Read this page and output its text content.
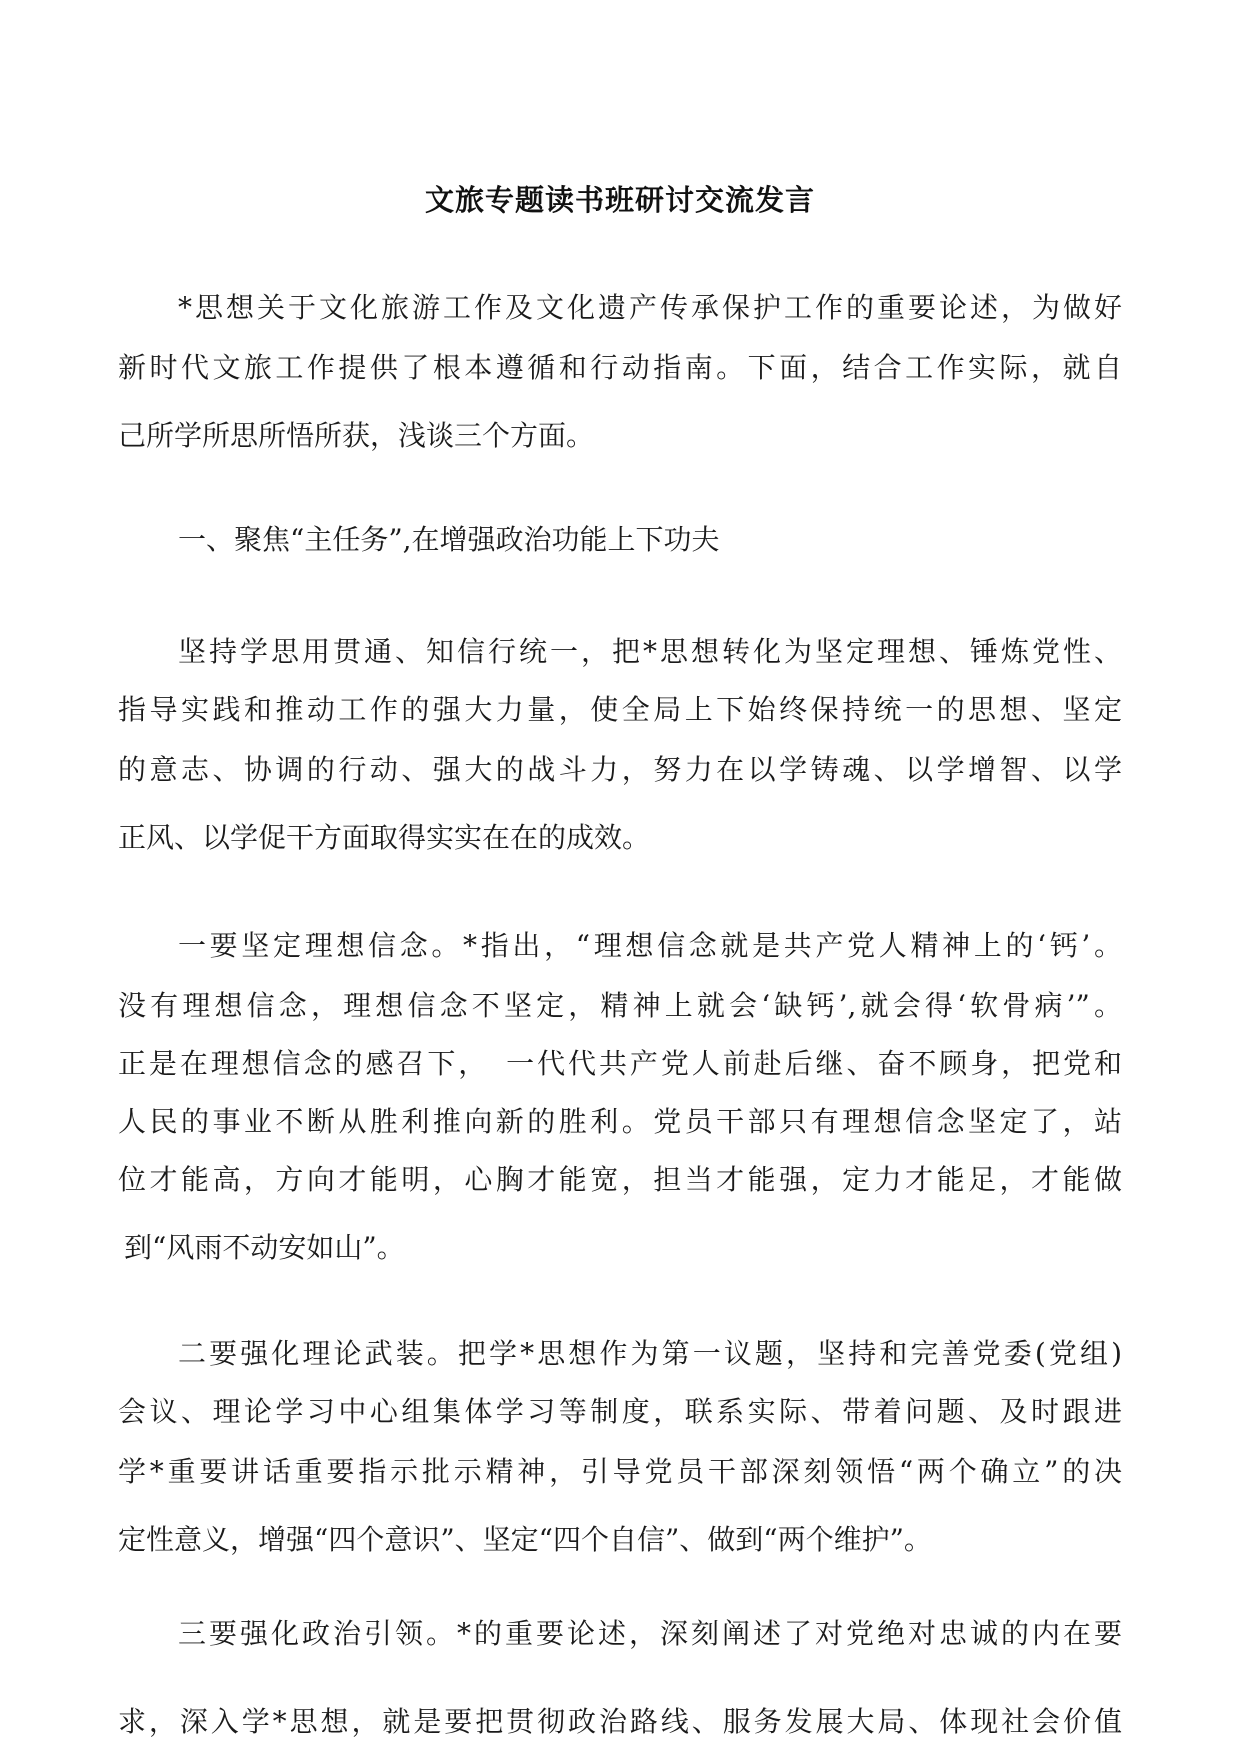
文旅专题读书班研讨交流发言
*思想关于文化旅游工作及文化遗产传承保护工作的重要论述，为做好
新时代文旅工作提供了根本遵循和行动指南。下面，结合工作实际，就自
己所学所思所悟所获，浅谈三个方面。
一、聚焦“主任务”,在增强政治功能上下功夫
坚持学思用贯通、知信行统一，把*思想转化为坚定理想、锤炼党性、
指导实践和推动工作的强大力量，使全局上下始终保持统一的思想、坚定
的意志、协调的行动、强大的战斗力，努力在以学铸魂、以学增智、以学
正风、以学促干方面取得实实在在的成效。
一要坚定理想信念。*指出，“理想信念就是共产党人精神上的‘钙’。
没有理想信念，理想信念不坚定，精神上就会‘缺钙’,就会得‘软骨病’”。
正是在理想信念的感召下，　一代代共产党人前赴后继、奋不顾身，把党和
人民的事业不断从胜利推向新的胜利。党员干部只有理想信念坚定了，站
位才能高，方向才能明，心胸才能宽，担当才能强，定力才能足，才能做
到“风雨不动安如山”。
二要强化理论武装。把学*思想作为第一议题，坚持和完善党委(党组)
会议、理论学习中心组集体学习等制度，联系实际、带着问题、及时跟进
学*重要讲话重要指示批示精神，引导党员干部深刻领悟“两个确立”的决
定性意义，增强“四个意识”、坚定“四个自信”、做到“两个维护”。
三要强化政治引领。*的重要论述，深刻阐述了对党绝对忠诚的内在要
求，深入学*思想，就是要把贯彻政治路线、服务发展大局、体现社会价值
